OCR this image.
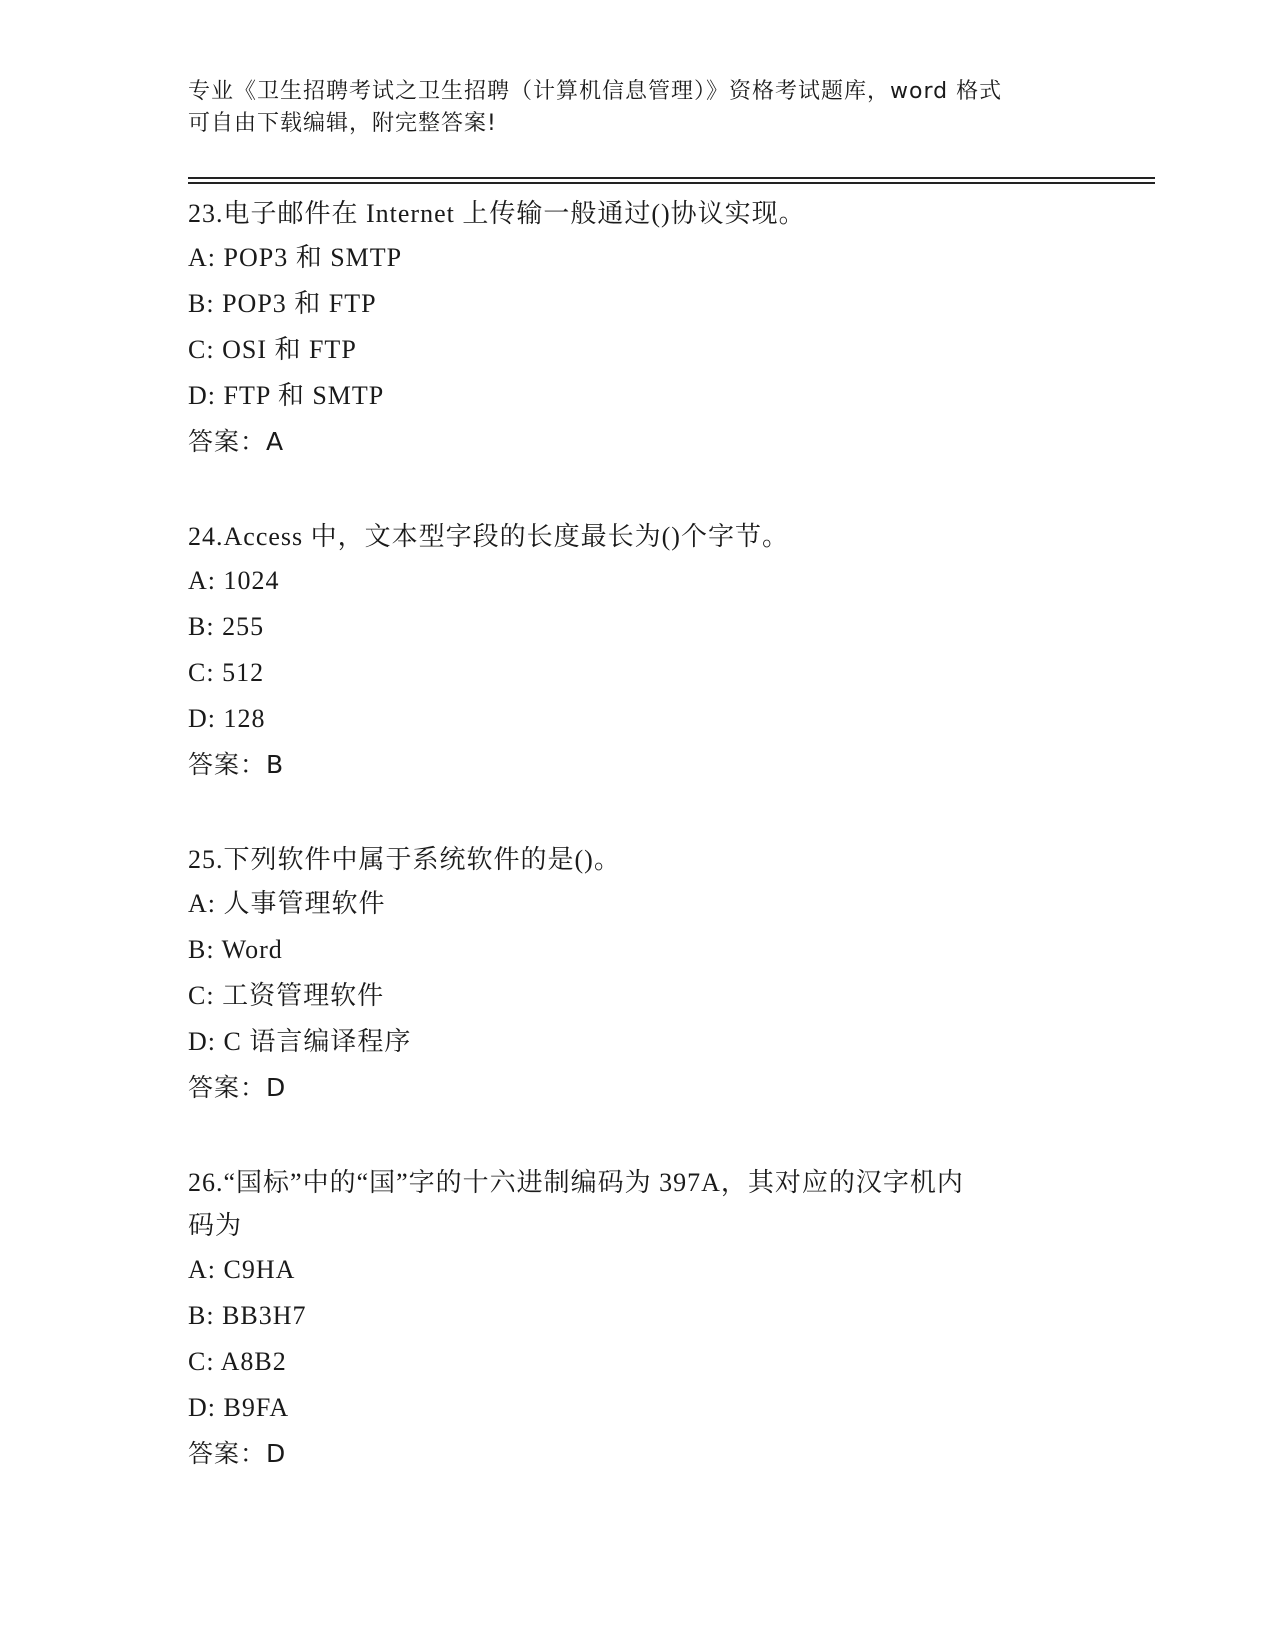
专业《卫生招聘考试之卫生招聘（计算机信息管理）》资格考试题库，word 格式
可自由下载编辑，附完整答案!

23.电子邮件在 Internet 上传输一般通过()协议实现。

A: POP3 和 SMTP

B: POP3 和 FTP

C: OSI 和 FTP

D: FTP 和 SMTP

答案：A

24.Access 中，文本型字段的长度最长为()个字节。

A: 1024

B: 255

C: 512

D: 128

答案：B

25.下列软件中属于系统软件的是()。

A: 人事管理软件

B: Word

C: 工资管理软件

D: C 语言编译程序

答案：D

26.“国标”中的“国”字的十六进制编码为 397A，其对应的汉字机内

码为

A: C9HA

B: BB3H7

C: A8B2

D: B9FA

答案：D
